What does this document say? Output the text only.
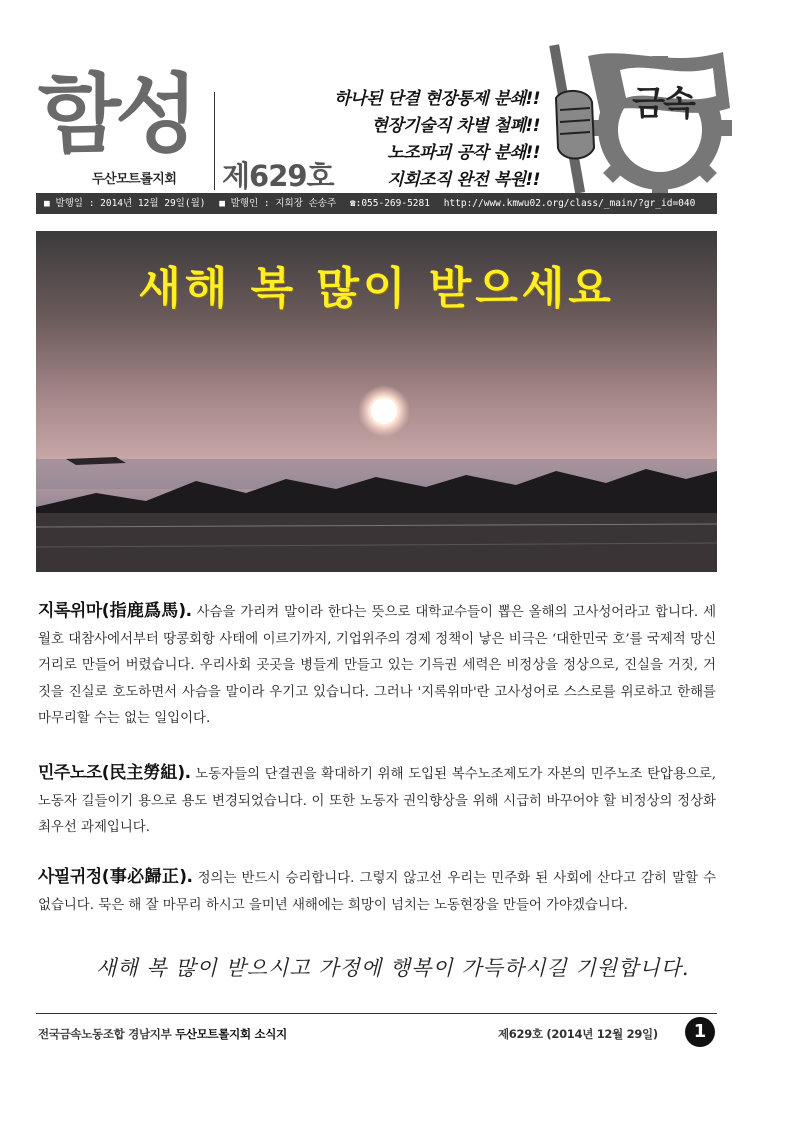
함성
두산모트롤지회 제629호
하나된 단결 현장통제 분쇄!!
현장기술직 차별 철폐!!
노조파괴 공작 분쇄!!
지회조직 완전 복원!!
금속
■ 발행일 : 2014년 12월 29일(월) ■ 발행인 : 지회장 손송주 ☎:055-269-5281 http://www.kmwu02.org/class/_main/?gr_id=040
새해 복 많이 받으세요
지록위마(指鹿爲馬). 사슴을 가리켜 말이라 한다는 뜻으로 대학교수들이 뽑은 올해의 고사성어라고 합니다. 세월호 대참사에서부터 땅콩회항 사태에 이르기까지, 기업위주의 경제 정책이 낳은 비극은 ‘대한민국 호’를 국제적 망신거리로 만들어 버렸습니다. 우리사회 곳곳을 병들게 만들고 있는 기득권 세력은 비정상을 정상으로, 진실을 거짓, 거짓을 진실로 호도하면서 사슴을 말이라 우기고 있습니다. 그러나 '지록위마'란 고사성어로 스스로를 위로하고 한해를 마무리할 수는 없는 일입이다.
민주노조(民主勞組). 노동자들의 단결권을 확대하기 위해 도입된 복수노조제도가 자본의 민주노조 탄압용으로, 노동자 길들이기 용으로 용도 변경되었습니다. 이 또한 노동자 권익향상을 위해 시급히 바꾸어야 할 비정상의 정상화 최우선 과제입니다.
사필귀정(事必歸正). 정의는 반드시 승리합니다. 그렇지 않고선 우리는 민주화 된 사회에 산다고 감히 말할 수 없습니다. 묵은 해 잘 마무리 하시고 을미년 새해에는 희망이 넘치는 노동현장을 만들어 가야겠습니다.
새해 복 많이 받으시고 가정에 행복이 가득하시길 기원합니다.
전국금속노동조합 경남지부 두산모트롤지회 소식지	제629호 (2014년 12월 29일)	1
